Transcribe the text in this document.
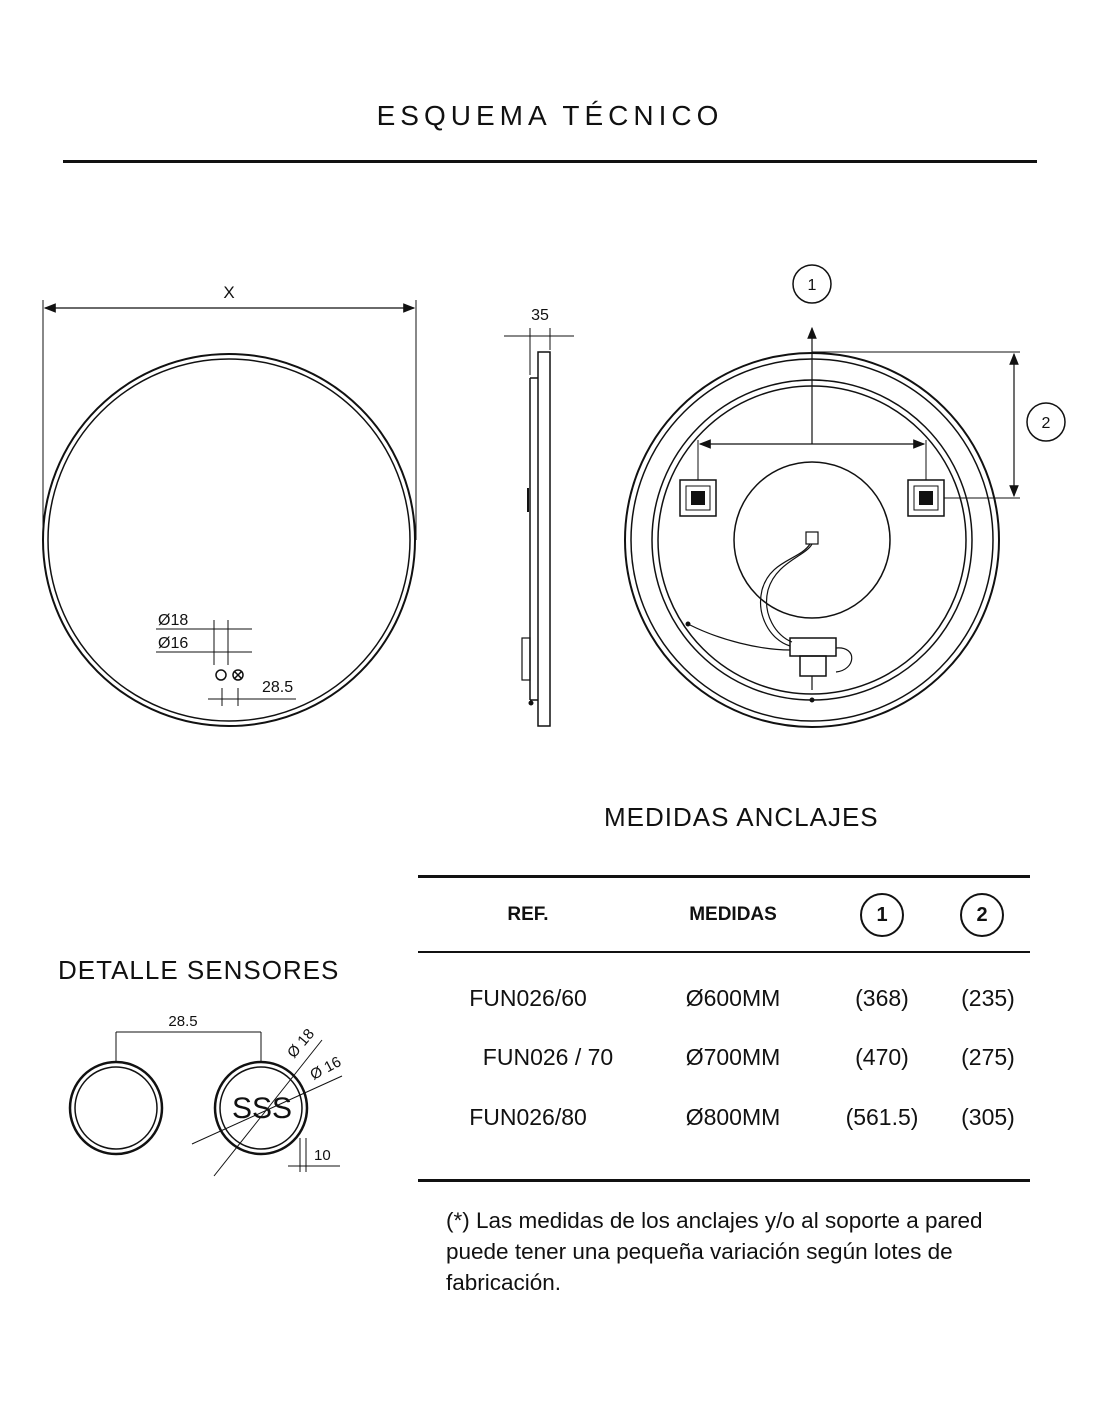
ESQUEMA TÉCNICO
X
Ø18
Ø16
28.5
35
1
2
MEDIDAS ANCLAJES
REF.	MEDIDAS	1	2
FUN026/60	Ø600MM	(368)	(235)
FUN026 / 70	Ø700MM	(470)	(275)
FUN026/80	Ø800MM	(561.5)	(305)
(*) Las medidas de los anclajes y/o al soporte a pared puede tener una pequeña variación según lotes de fabricación.
DETALLE SENSORES
28.5
Ø 18
Ø 16
10
SSS
